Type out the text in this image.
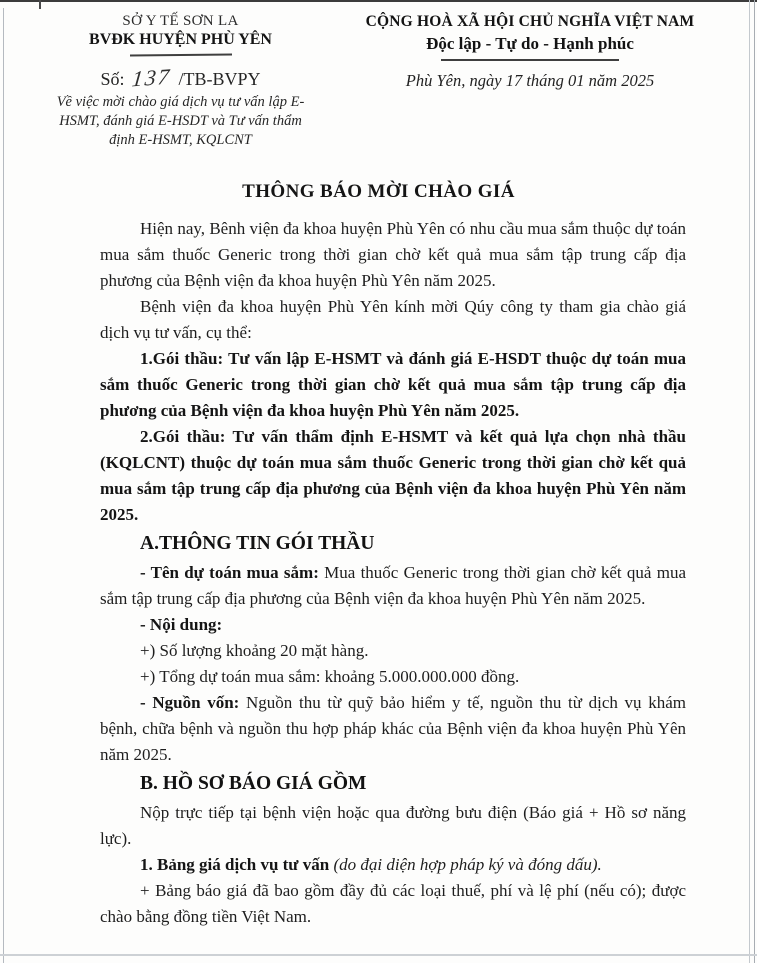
SỞ Y TẾ SƠN LA
BVĐK HUYỆN PHÙ YÊN
Số: 137 /TB-BVPY
Về việc mời chào giá dịch vụ tư vấn lập E-HSMT, đánh giá E-HSDT và Tư vấn thẩm định E-HSMT, KQLCNT
CỘNG HOÀ XÃ HỘI CHỦ NGHĨA VIỆT NAM
Độc lập - Tự do - Hạnh phúc
Phù Yên, ngày 17 tháng 01 năm 2025
THÔNG BÁO MỜI CHÀO GIÁ

Hiện nay, Bênh viện đa khoa huyện Phù Yên có nhu cầu mua sắm thuộc dự toán mua sắm thuốc Generic trong thời gian chờ kết quả mua sắm tập trung cấp địa phương của Bệnh viện đa khoa huyện Phù Yên năm 2025.

Bệnh viện đa khoa huyện Phù Yên kính mời Qúy công ty tham gia chào giá dịch vụ tư vấn, cụ thể:

1.Gói thầu: Tư vấn lập E-HSMT và đánh giá E-HSDT thuộc dự toán mua sắm thuốc Generic trong thời gian chờ kết quả mua sắm tập trung cấp địa phương của Bệnh viện đa khoa huyện Phù Yên năm 2025.

2.Gói thầu: Tư vấn thẩm định E-HSMT và kết quả lựa chọn nhà thầu (KQLCNT) thuộc dự toán mua sắm thuốc Generic trong thời gian chờ kết quả mua sắm tập trung cấp địa phương của Bệnh viện đa khoa huyện Phù Yên năm 2025.

A.THÔNG TIN GÓI THẦU

- Tên dự toán mua sắm: Mua thuốc Generic trong thời gian chờ kết quả mua sắm tập trung cấp địa phương của Bệnh viện đa khoa huyện Phù Yên năm 2025.

- Nội dung:

+) Số lượng khoảng 20 mặt hàng.

+) Tổng dự toán mua sắm: khoảng 5.000.000.000 đồng.

- Nguồn vốn: Nguồn thu từ quỹ bảo hiểm y tế, nguồn thu từ dịch vụ khám bệnh, chữa bệnh và nguồn thu hợp pháp khác của Bệnh viện đa khoa huyện Phù Yên năm 2025.

B. HỒ SƠ BÁO GIÁ GỒM

Nộp trực tiếp tại bệnh viện hoặc qua đường bưu điện (Báo giá + Hồ sơ năng lực).

1. Bảng giá dịch vụ tư vấn (do đại diện hợp pháp ký và đóng dấu).

+ Bảng báo giá đã bao gồm đầy đủ các loại thuế, phí và lệ phí (nếu có); được chào bằng đồng tiền Việt Nam.
